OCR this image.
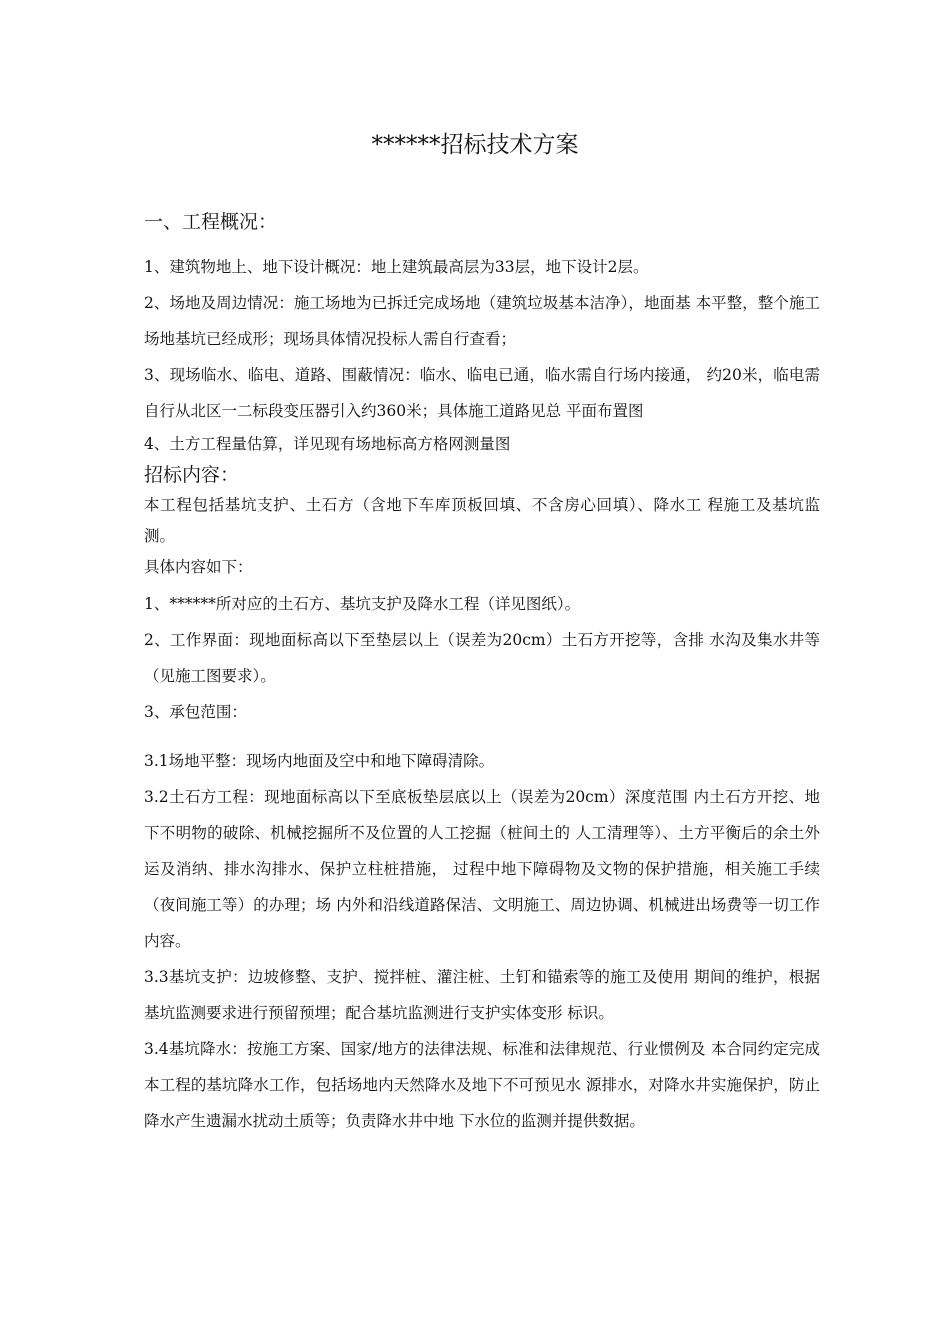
******招标技术方案
一、工程概况：

1、建筑物地上、地下设计概况：地上建筑最高层为33层，地下设计2层。

2、场地及周边情况：施工场地为已拆迁完成场地（建筑垃圾基本洁净），地面基 本平整，整个施工场地基坑已经成形；现场具体情况投标人需自行查看；

3、现场临水、临电、道路、围蔽情况：临水、临电已通，临水需自行场内接通， 约20米，临电需自行从北区一二标段变压器引入约360米；具体施工道路见总 平面布置图

4、土方工程量估算，详见现有场地标高方格网测量图

招标内容：

本工程包括基坑支护、土石方（含地下车库顶板回填、不含房心回填）、降水工 程施工及基坑监测。

具体内容如下：

1、******所对应的土石方、基坑支护及降水工程（详见图纸）。

2、工作界面：现地面标高以下至垫层以上（误差为20cm）土石方开挖等，含排 水沟及集水井等（见施工图要求）。

3、承包范围：

3.1场地平整：现场内地面及空中和地下障碍清除。

3.2土石方工程：现地面标高以下至底板垫层底以上（误差为20cm）深度范围 内土石方开挖、地下不明物的破除、机械挖掘所不及位置的人工挖掘（桩间土的 人工清理等）、土方平衡后的余土外运及消纳、排水沟排水、保护立柱桩措施， 过程中地下障碍物及文物的保护措施，相关施工手续（夜间施工等）的办理；场 内外和沿线道路保洁、文明施工、周边协调、机械进出场费等一切工作内容。

3.3基坑支护：边坡修整、支护、搅拌桩、灌注桩、土钉和锚索等的施工及使用 期间的维护，根据基坑监测要求进行预留预埋；配合基坑监测进行支护实体变形 标识。

3.4基坑降水：按施工方案、国家/地方的法律法规、标准和法律规范、行业惯例及 本合同约定完成本工程的基坑降水工作，包括场地内天然降水及地下不可预见水 源排水，对降水井实施保护，防止降水产生遗漏水扰动土质等；负责降水井中地 下水位的监测并提供数据。
